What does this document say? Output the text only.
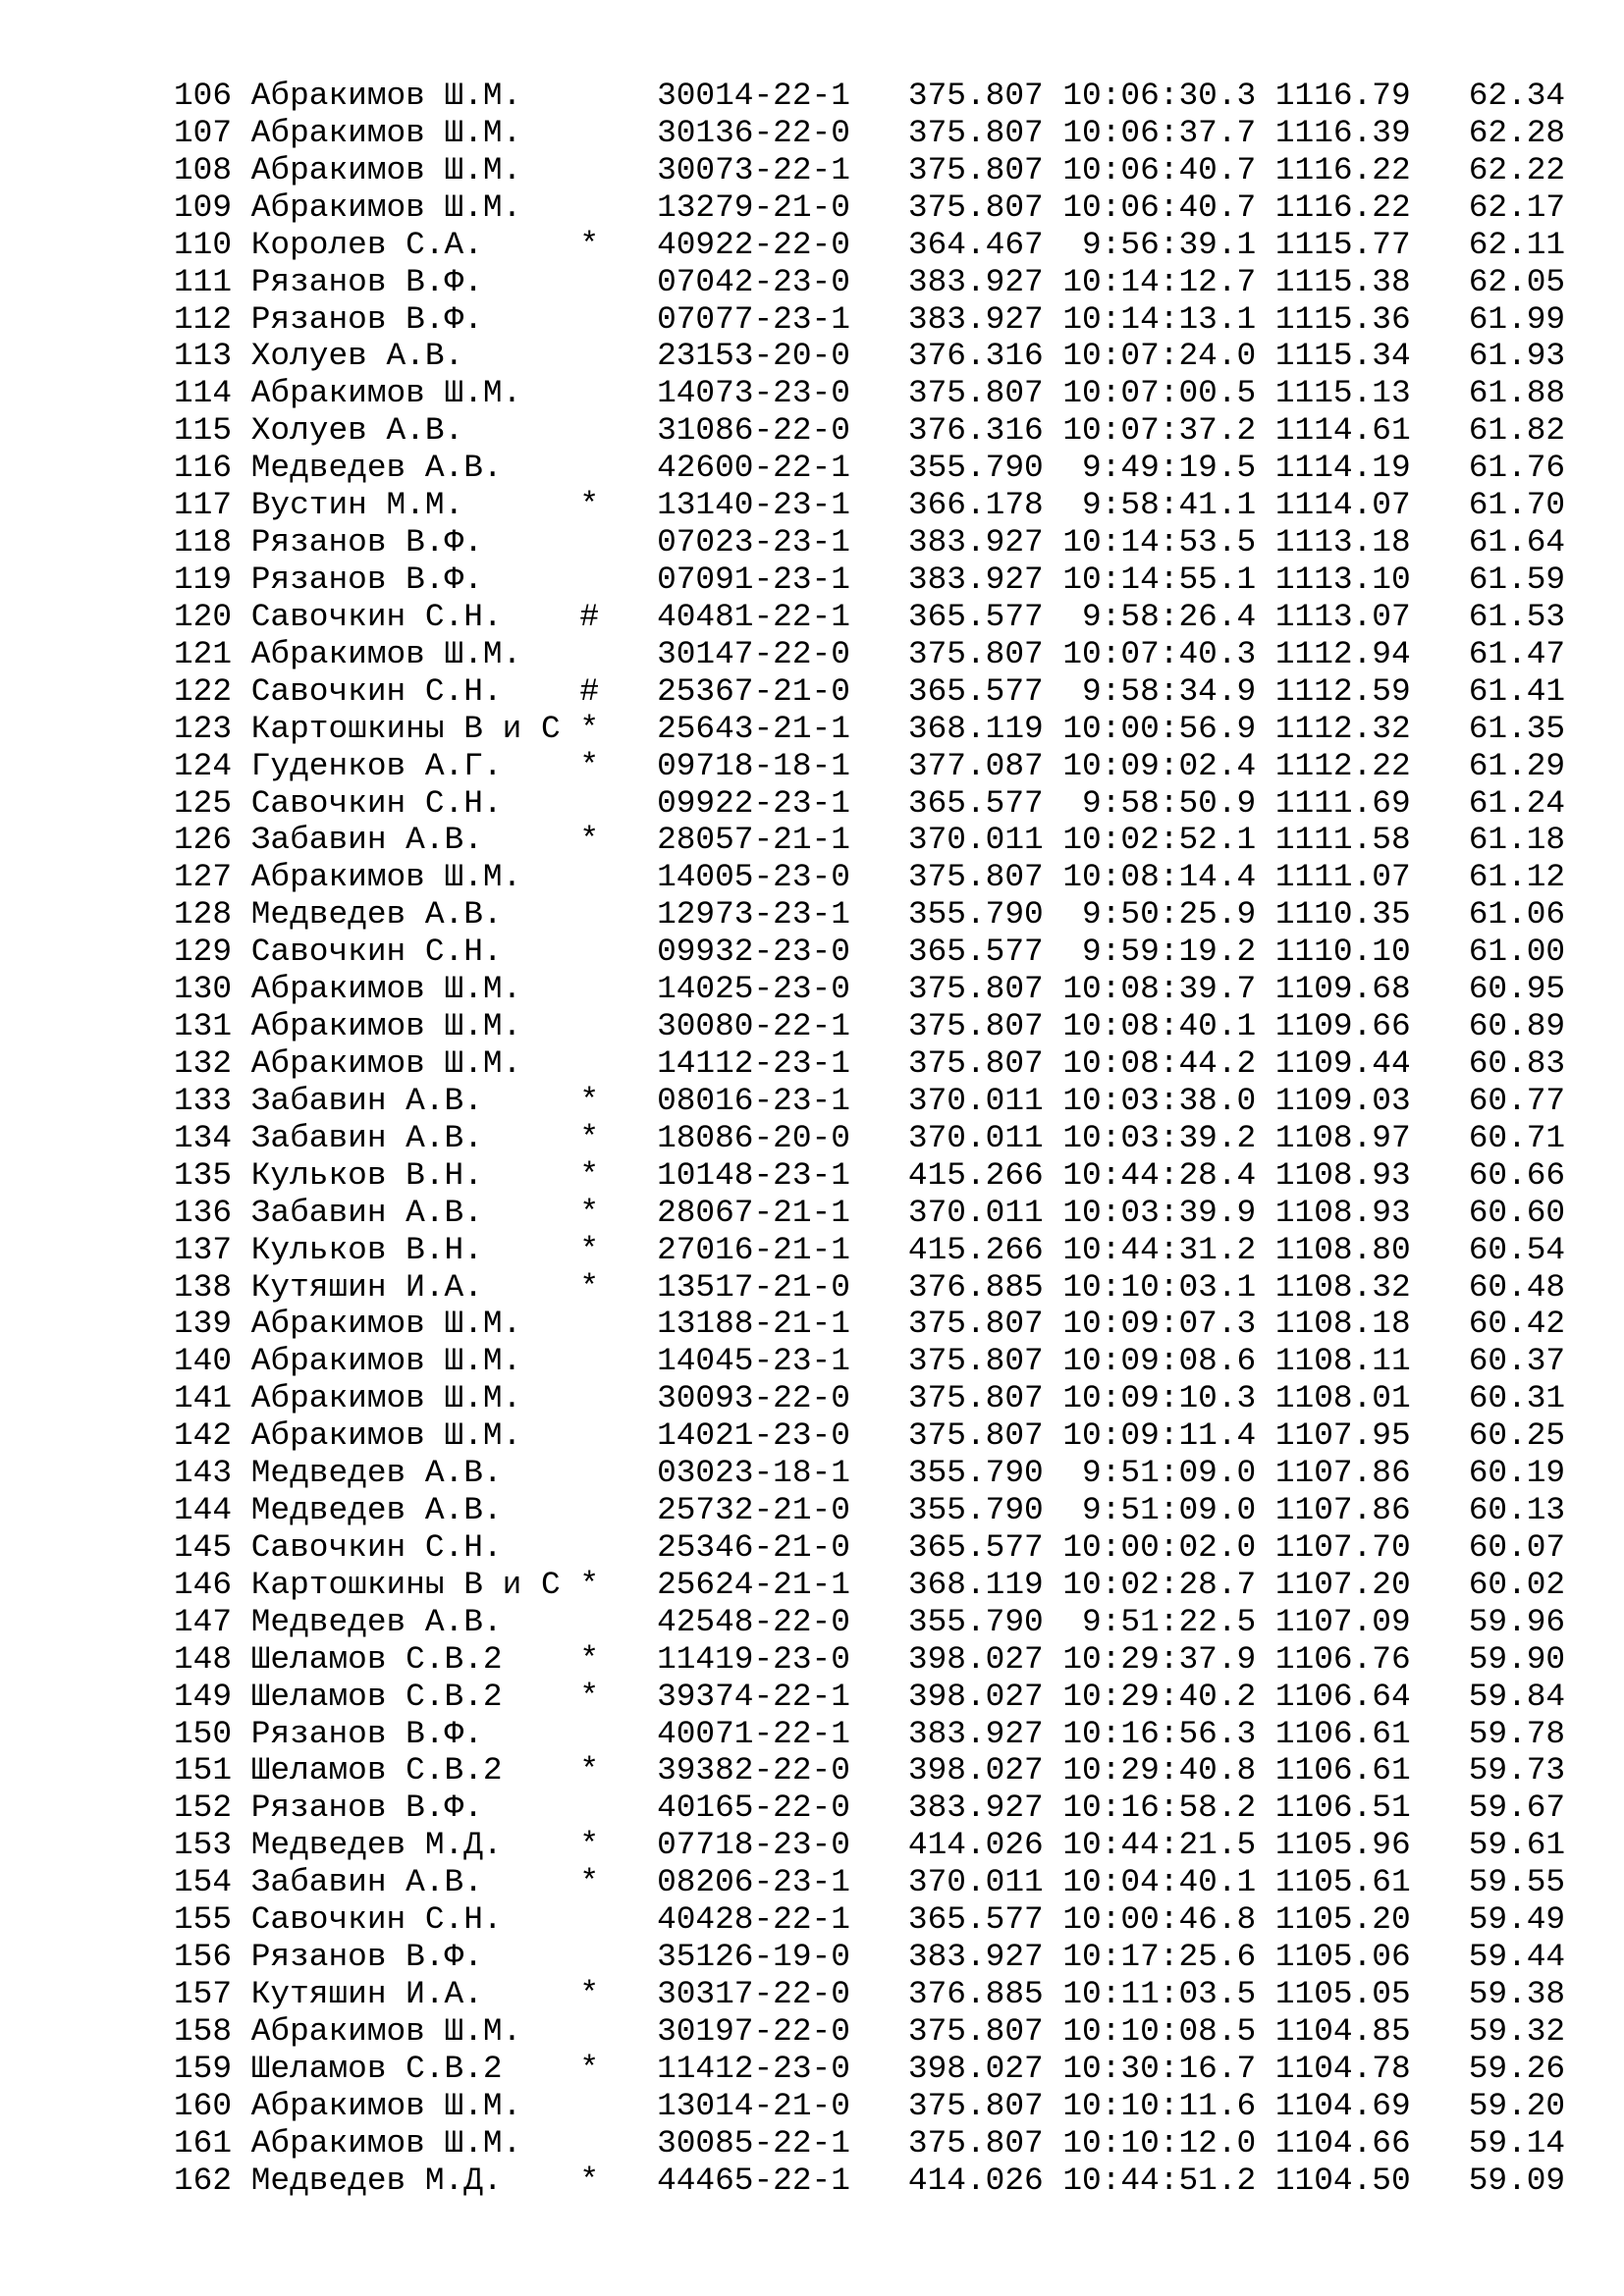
106 Абракимов Ш.М.       30014-22-1   375.807 10:06:30.3 1116.79   62.34
107 Абракимов Ш.М.       30136-22-0   375.807 10:06:37.7 1116.39   62.28
108 Абракимов Ш.М.       30073-22-1   375.807 10:06:40.7 1116.22   62.22
109 Абракимов Ш.М.       13279-21-0   375.807 10:06:40.7 1116.22   62.17
110 Королев С.А.     *   40922-22-0   364.467  9:56:39.1 1115.77   62.11
111 Рязанов В.Ф.         07042-23-0   383.927 10:14:12.7 1115.38   62.05
112 Рязанов В.Ф.         07077-23-1   383.927 10:14:13.1 1115.36   61.99
113 Холуев А.В.          23153-20-0   376.316 10:07:24.0 1115.34   61.93
114 Абракимов Ш.М.       14073-23-0   375.807 10:07:00.5 1115.13   61.88
115 Холуев А.В.          31086-22-0   376.316 10:07:37.2 1114.61   61.82
116 Медведев А.В.        42600-22-1   355.790  9:49:19.5 1114.19   61.76
117 Вустин М.М.      *   13140-23-1   366.178  9:58:41.1 1114.07   61.70
118 Рязанов В.Ф.         07023-23-1   383.927 10:14:53.5 1113.18   61.64
119 Рязанов В.Ф.         07091-23-1   383.927 10:14:55.1 1113.10   61.59
120 Савочкин С.Н.    #   40481-22-1   365.577  9:58:26.4 1113.07   61.53
121 Абракимов Ш.М.       30147-22-0   375.807 10:07:40.3 1112.94   61.47
122 Савочкин С.Н.    #   25367-21-0   365.577  9:58:34.9 1112.59   61.41
123 Картошкины В и С *   25643-21-1   368.119 10:00:56.9 1112.32   61.35
124 Гуденков А.Г.    *   09718-18-1   377.087 10:09:02.4 1112.22   61.29
125 Савочкин С.Н.        09922-23-1   365.577  9:58:50.9 1111.69   61.24
126 Забавин А.В.     *   28057-21-1   370.011 10:02:52.1 1111.58   61.18
127 Абракимов Ш.М.       14005-23-0   375.807 10:08:14.4 1111.07   61.12
128 Медведев А.В.        12973-23-1   355.790  9:50:25.9 1110.35   61.06
129 Савочкин С.Н.        09932-23-0   365.577  9:59:19.2 1110.10   61.00
130 Абракимов Ш.М.       14025-23-0   375.807 10:08:39.7 1109.68   60.95
131 Абракимов Ш.М.       30080-22-1   375.807 10:08:40.1 1109.66   60.89
132 Абракимов Ш.М.       14112-23-1   375.807 10:08:44.2 1109.44   60.83
133 Забавин А.В.     *   08016-23-1   370.011 10:03:38.0 1109.03   60.77
134 Забавин А.В.     *   18086-20-0   370.011 10:03:39.2 1108.97   60.71
135 Кульков В.Н.     *   10148-23-1   415.266 10:44:28.4 1108.93   60.66
136 Забавин А.В.     *   28067-21-1   370.011 10:03:39.9 1108.93   60.60
137 Кульков В.Н.     *   27016-21-1   415.266 10:44:31.2 1108.80   60.54
138 Кутяшин И.А.     *   13517-21-0   376.885 10:10:03.1 1108.32   60.48
139 Абракимов Ш.М.       13188-21-1   375.807 10:09:07.3 1108.18   60.42
140 Абракимов Ш.М.       14045-23-1   375.807 10:09:08.6 1108.11   60.37
141 Абракимов Ш.М.       30093-22-0   375.807 10:09:10.3 1108.01   60.31
142 Абракимов Ш.М.       14021-23-0   375.807 10:09:11.4 1107.95   60.25
143 Медведев А.В.        03023-18-1   355.790  9:51:09.0 1107.86   60.19
144 Медведев А.В.        25732-21-0   355.790  9:51:09.0 1107.86   60.13
145 Савочкин С.Н.        25346-21-0   365.577 10:00:02.0 1107.70   60.07
146 Картошкины В и С *   25624-21-1   368.119 10:02:28.7 1107.20   60.02
147 Медведев А.В.        42548-22-0   355.790  9:51:22.5 1107.09   59.96
148 Шеламов С.В.2    *   11419-23-0   398.027 10:29:37.9 1106.76   59.90
149 Шеламов С.В.2    *   39374-22-1   398.027 10:29:40.2 1106.64   59.84
150 Рязанов В.Ф.         40071-22-1   383.927 10:16:56.3 1106.61   59.78
151 Шеламов С.В.2    *   39382-22-0   398.027 10:29:40.8 1106.61   59.73
152 Рязанов В.Ф.         40165-22-0   383.927 10:16:58.2 1106.51   59.67
153 Медведев М.Д.    *   07718-23-0   414.026 10:44:21.5 1105.96   59.61
154 Забавин А.В.     *   08206-23-1   370.011 10:04:40.1 1105.61   59.55
155 Савочкин С.Н.        40428-22-1   365.577 10:00:46.8 1105.20   59.49
156 Рязанов В.Ф.         35126-19-0   383.927 10:17:25.6 1105.06   59.44
157 Кутяшин И.А.     *   30317-22-0   376.885 10:11:03.5 1105.05   59.38
158 Абракимов Ш.М.       30197-22-0   375.807 10:10:08.5 1104.85   59.32
159 Шеламов С.В.2    *   11412-23-0   398.027 10:30:16.7 1104.78   59.26
160 Абракимов Ш.М.       13014-21-0   375.807 10:10:11.6 1104.69   59.20
161 Абракимов Ш.М.       30085-22-1   375.807 10:10:12.0 1104.66   59.14
162 Медведев М.Д.    *   44465-22-1   414.026 10:44:51.2 1104.50   59.09
